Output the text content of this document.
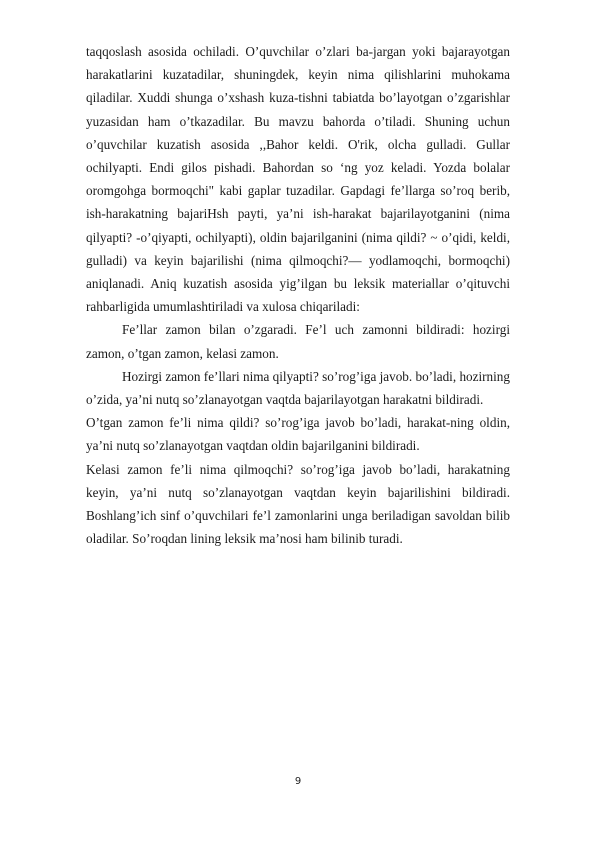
taqqoslash asosida ochiladi. O’quvchilar o’zlari ba-jargan yoki bajarayotgan harakatlarini kuzatadilar, shuningdek, keyin nima qilishlarini muhokama qiladilar. Xuddi shunga o’xshash kuza-tishni tabiatda bo’layotgan o’zgarishlar yuzasidan ham o’tkazadilar. Bu mavzu bahorda o’tiladi. Shuning uchun o’quvchilar kuzatish asosida ,,Bahor keldi. O'rik, olcha gulladi. Gullar ochilyapti. Endi gilos pishadi. Bahordan so ‘ng yoz keladi. Yozda bolalar oromgohga bormoqchi" kabi gaplar tuzadilar. Gapdagi fe’llarga so’roq berib, ish-harakatning bajariHsh payti, ya’ni ish-harakat bajarilayotganini (nima qilyapti? -o’qiyapti, ochilyapti), oldin bajarilganini (nima qildi? ~ o’qidi, keldi, gulladi) va keyin bajarilishi (nima qilmoqchi?— yodlamoqchi, bormoqchi) aniqlanadi. Aniq kuzatish asosida yig’ilgan bu leksik materiallar o’qituvchi rahbarligida umumlashtiriladi va xulosa chiqariladi:

Fe’llar zamon bilan o’zgaradi. Fe’l uch zamonni bildiradi: hozirgi zamon, o’tgan zamon, kelasi zamon.

Hozirgi zamon fe’llari nima qilyapti? so’rog’iga javob. bo’ladi, hozirning o’zida, ya’ni nutq so’zlanayotgan vaqtda bajarilayotgan harakatni bildiradi.

O’tgan zamon fe’li nima qildi? so’rog’iga javob bo’ladi, harakat-ning oldin, ya’ni nutq so’zlanayotgan vaqtdan oldin bajarilganini bildiradi.

Kelasi zamon fe’li nima qilmoqchi? so’rog’iga javob bo’ladi, harakatning keyin, ya’ni nutq so’zlanayotgan vaqtdan keyin bajarilishini bildiradi. Boshlang’ich sinf o’quvchilari fe’l zamonlarini unga beriladigan savoldan bilib oladilar. So’roqdan lining leksik ma’nosi ham bilinib turadi.

9
